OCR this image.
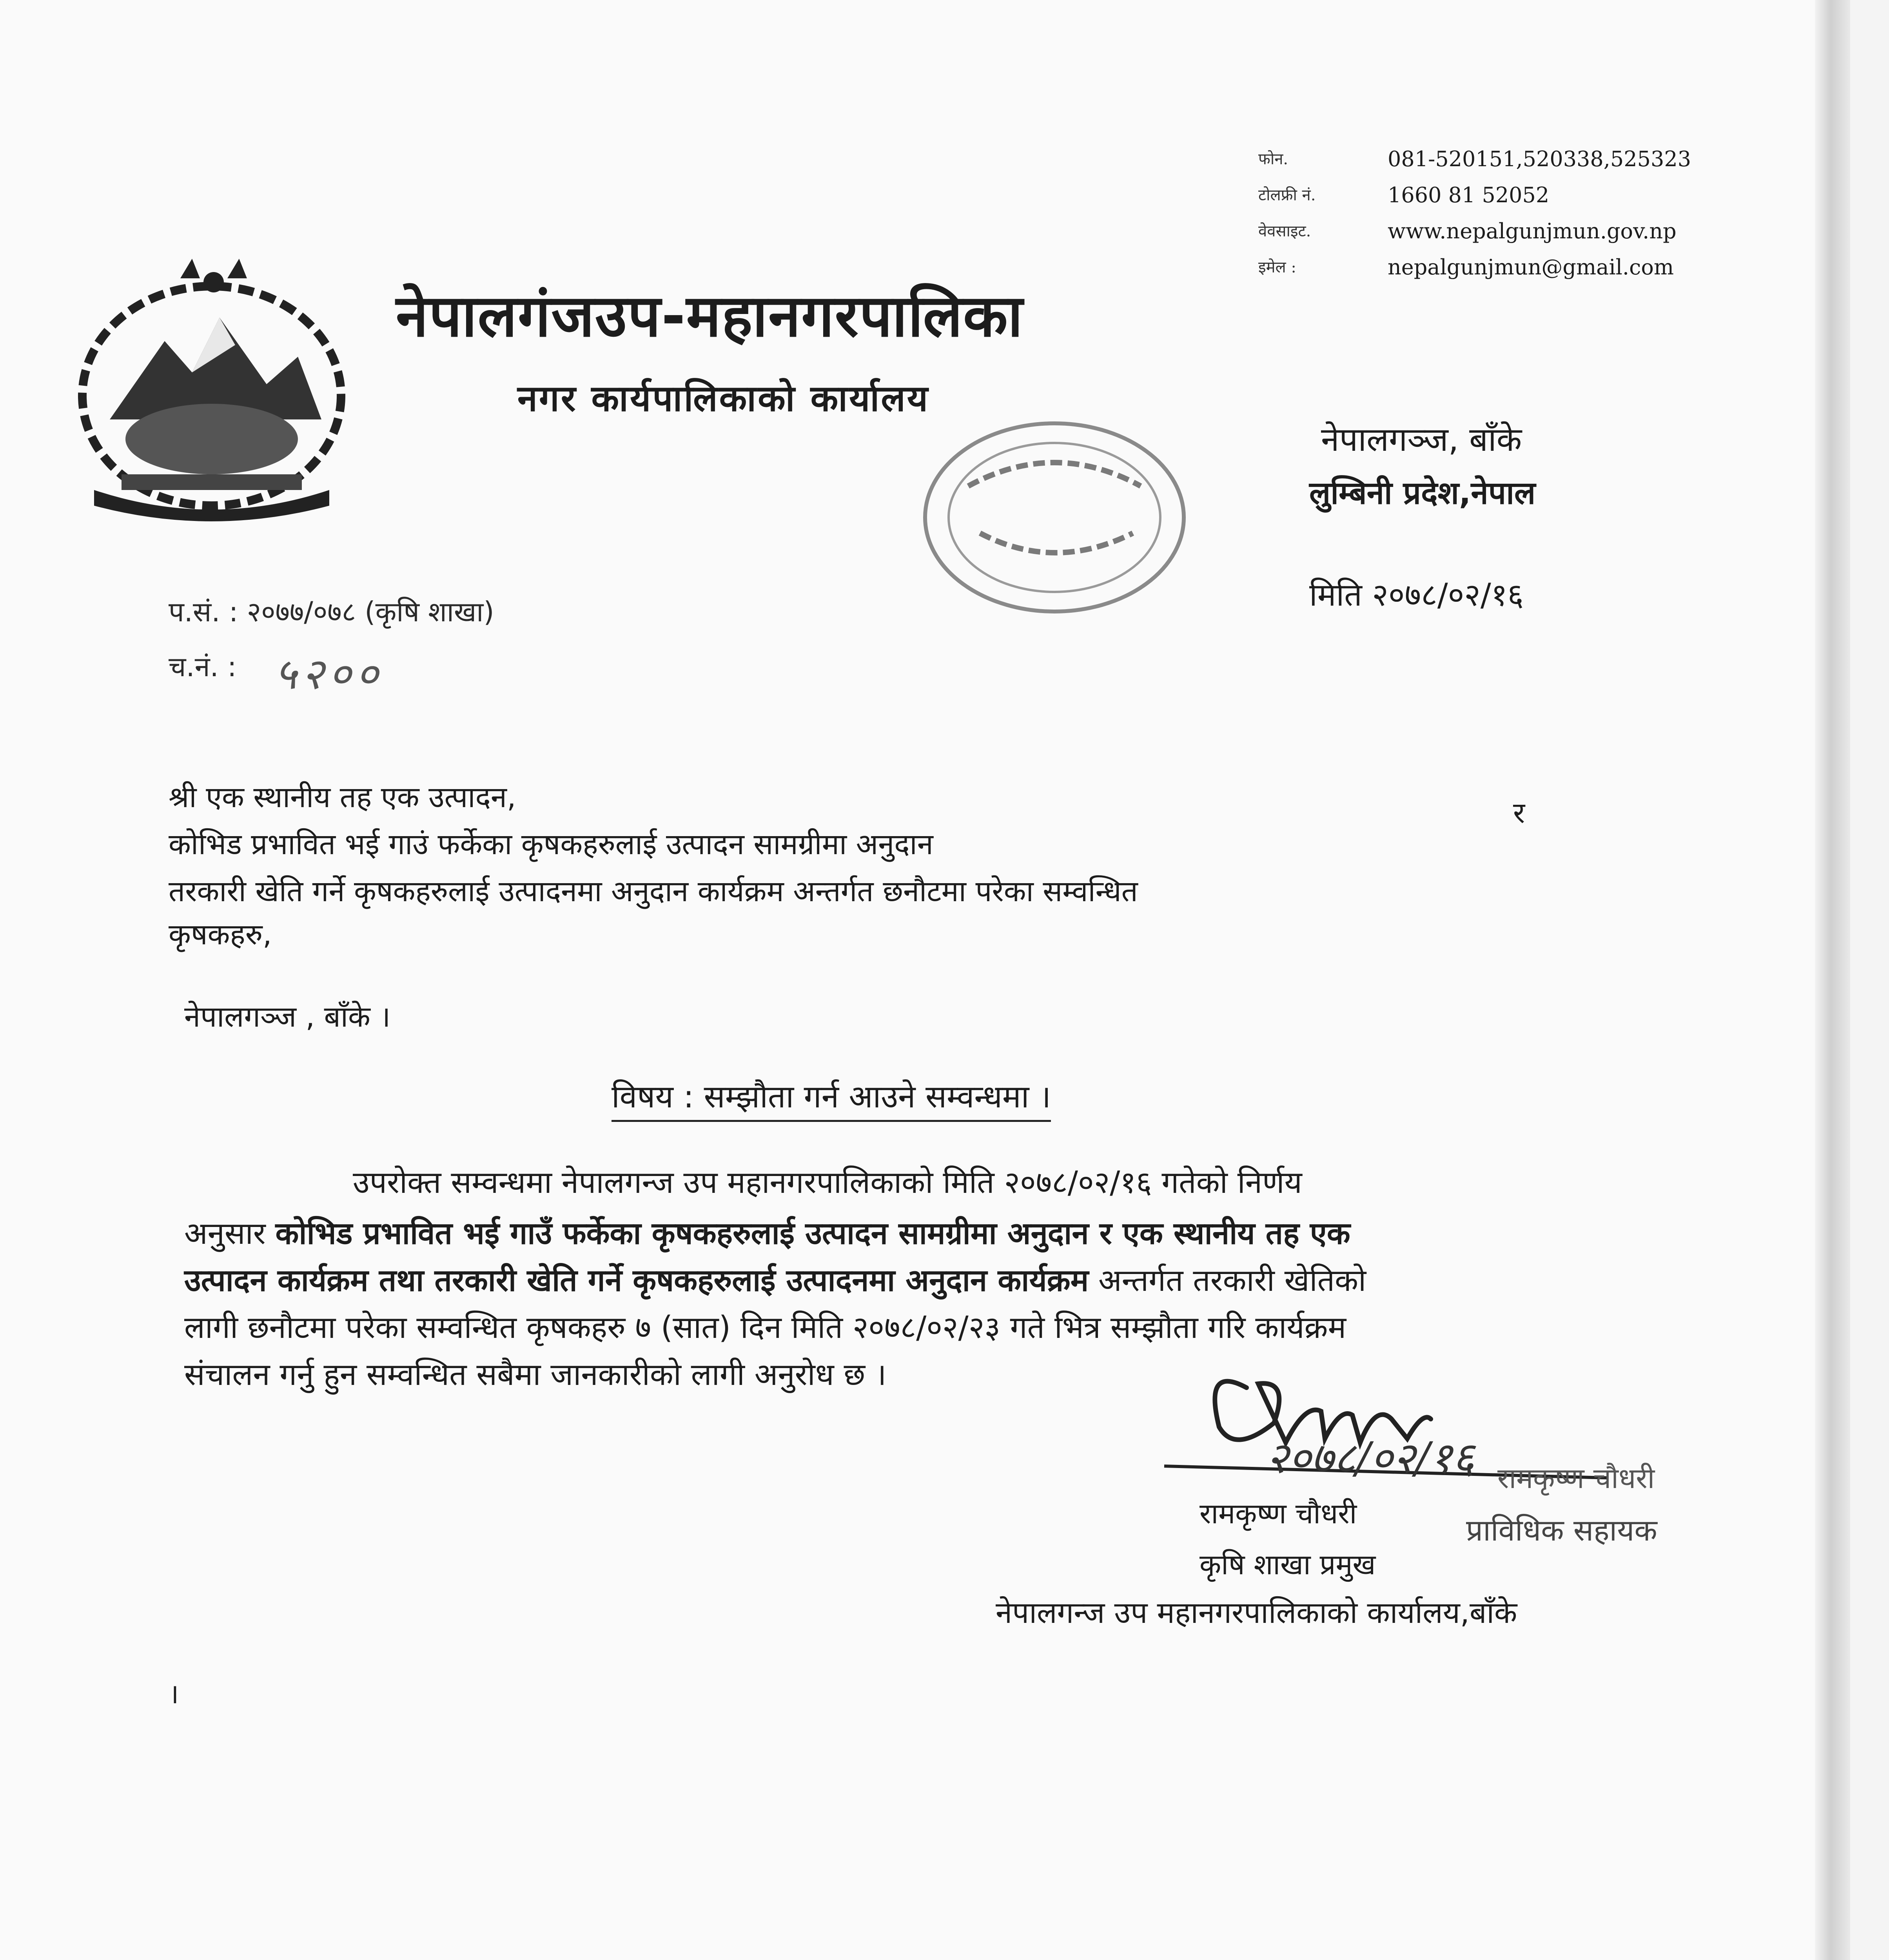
फोन.	081-520151,520338,525323
टोलफ्री नं.	1660 81 52052
वेवसाइट.	www.nepalgunjmun.gov.np
इमेल :	nepalgunjmun@gmail.com
नेपालगंजउप-महानगरपालिका
नगर कार्यपालिकाको कार्यालय
नेपालगञ्ज, बाँके
लुम्बिनी प्रदेश,नेपाल
प.सं. : २०७७/०७८ (कृषि शाखा)
च.नं. : ५२००
मिति २०७८/०२/१६
श्री एक स्थानीय तह एक उत्पादन,
कोभिड प्रभावित भई गाउं फर्केका कृषकहरुलाई उत्पादन सामग्रीमा अनुदान
र
तरकारी खेति गर्ने कृषकहरुलाई उत्पादनमा अनुदान कार्यक्रम अन्तर्गत छनौटमा परेका सम्वन्धित
कृषकहरु,
नेपालगञ्ज , बाँके ।
विषय : सम्झौता गर्न आउने सम्वन्धमा ।
उपरोक्त सम्वन्धमा नेपालगन्ज उप महानगरपालिकाको मिति २०७८/०२/१६ गतेको निर्णय
अनुसार कोभिड प्रभावित भई गाउँ फर्केका कृषकहरुलाई उत्पादन सामग्रीमा अनुदान र एक स्थानीय तह एक
उत्पादन कार्यक्रम तथा तरकारी खेति गर्ने कृषकहरुलाई उत्पादनमा अनुदान कार्यक्रम अन्तर्गत तरकारी खेतिको
लागी छनौटमा परेका सम्वन्धित कृषकहरु ७ (सात) दिन मिति २०७८/०२/२३ गते भित्र सम्झौता गरि कार्यक्रम
संचालन गर्नु हुन सम्वन्धित सबैमा जानकारीको लागी अनुरोध छ ।
२०७८/०२/१६ रामकृष्ण चौधरी
प्राविधिक सहायक
रामकृष्ण चौधरी
कृषि शाखा प्रमुख
नेपालगन्ज उप महानगरपालिकाको कार्यालय,बाँके
।
